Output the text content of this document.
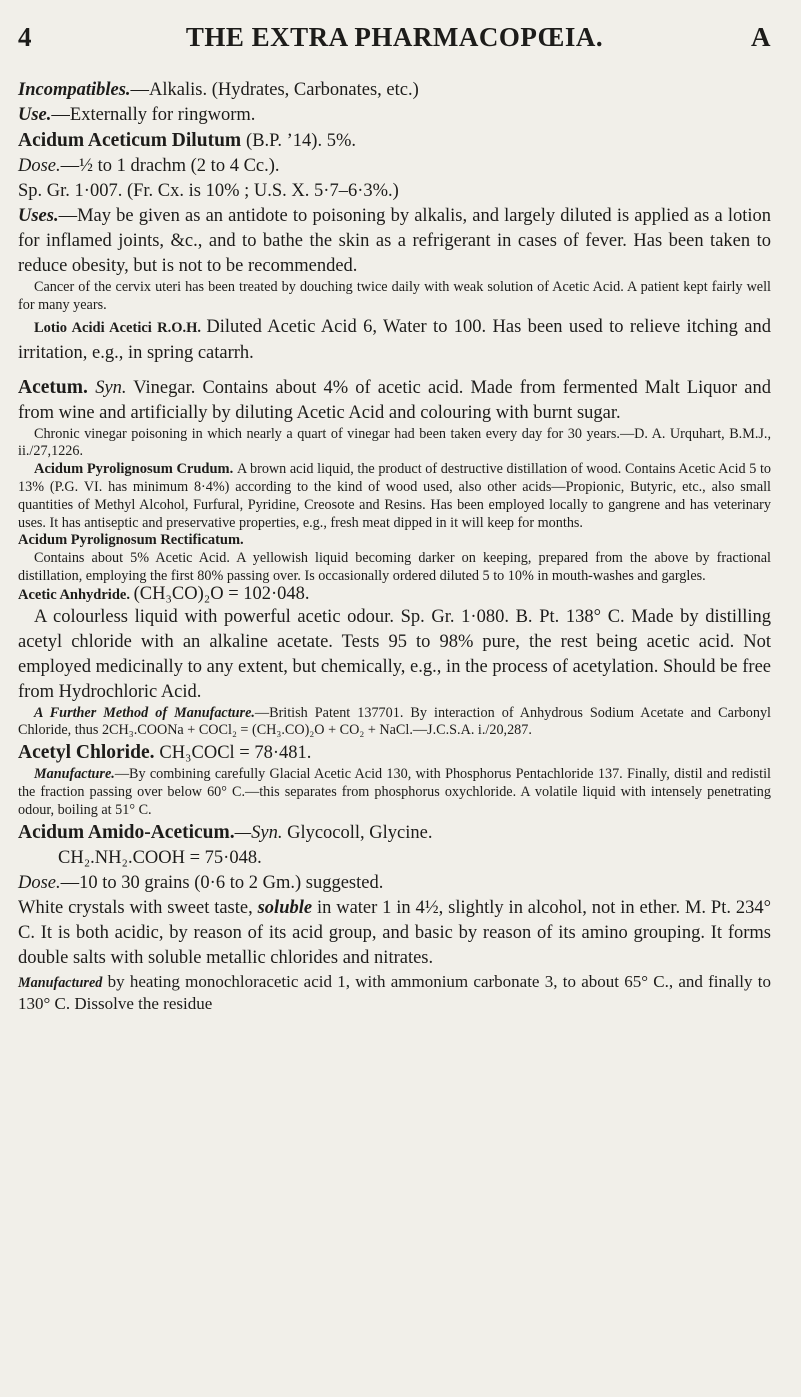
4	THE EXTRA PHARMACOPŒIA.	A

Incompatibles.—Alkalis. (Hydrates, Carbonates, etc.)

Use.—Externally for ringworm.

Acidum Aceticum Dilutum (B.P. ’14). 5%.

Dose.—½ to 1 drachm (2 to 4 Cc.).

Sp. Gr. 1·007. (Fr. Cx. is 10% ; U.S. X. 5·7–6·3%.)

Uses.—May be given as an antidote to poisoning by alkalis, and largely diluted is applied as a lotion for inflamed joints, &c., and to bathe the skin as a refrigerant in cases of fever. Has been taken to reduce obesity, but is not to be recommended.

Cancer of the cervix uteri has been treated by douching twice daily with weak solution of Acetic Acid. A patient kept fairly well for many years.

Lotio Acidi Acetici R.O.H. Diluted Acetic Acid 6, Water to 100. Has been used to relieve itching and irritation, e.g., in spring catarrh.

Acetum. Syn. Vinegar. Contains about 4% of acetic acid. Made from fermented Malt Liquor and from wine and artificially by diluting Acetic Acid and colouring with burnt sugar.

Chronic vinegar poisoning in which nearly a quart of vinegar had been taken every day for 30 years.—D. A. Urquhart, B.M.J., ii./27,1226.

Acidum Pyrolignosum Crudum. A brown acid liquid, the product of destructive distillation of wood. Contains Acetic Acid 5 to 13% (P.G. VI. has minimum 8·4%) according to the kind of wood used, also other acids—Propionic, Butyric, etc., also small quantities of Methyl Alcohol, Furfural, Pyridine, Creosote and Resins. Has been employed locally to gangrene and has veterinary uses. It has antiseptic and preservative properties, e.g., fresh meat dipped in it will keep for months.

Acidum Pyrolignosum Rectificatum.

Contains about 5% Acetic Acid. A yellowish liquid becoming darker on keeping, prepared from the above by fractional distillation, employing the first 80% passing over. Is occasionally ordered diluted 5 to 10% in mouth-washes and gargles.

Acetic Anhydride. (CH₃CO)₂O = 102·048.

A colourless liquid with powerful acetic odour. Sp. Gr. 1·080. B. Pt. 138° C. Made by distilling acetyl chloride with an alkaline acetate. Tests 95 to 98% pure, the rest being acetic acid. Not employed medicinally to any extent, but chemically, e.g., in the process of acetylation. Should be free from Hydrochloric Acid.

A Further Method of Manufacture.—British Patent 137701. By interaction of Anhydrous Sodium Acetate and Carbonyl Chloride, thus 2CH₃.COONa + COCl₂ = (CH₃.CO)₂O + CO₂ + NaCl.—J.C.S.A. i./20,287.

Acetyl Chloride. CH₃COCl = 78·481.

Manufacture.—By combining carefully Glacial Acetic Acid 130, with Phosphorus Pentachloride 137. Finally, distil and redistil the fraction passing over below 60° C.—this separates from phosphorus oxychloride. A volatile liquid with intensely penetrating odour, boiling at 51° C.

Acidum Amido-Aceticum.—Syn. Glycocoll, Glycine.

CH₂.NH₂.COOH = 75·048.

Dose.—10 to 30 grains (0·6 to 2 Gm.) suggested.

White crystals with sweet taste, soluble in water 1 in 4½, slightly in alcohol, not in ether. M. Pt. 234° C. It is both acidic, by reason of its acid group, and basic by reason of its amino grouping. It forms double salts with soluble metallic chlorides and nitrates.

Manufactured by heating monochloracetic acid 1, with ammonium carbonate 3, to about 65° C., and finally to 130° C. Dissolve the residue
